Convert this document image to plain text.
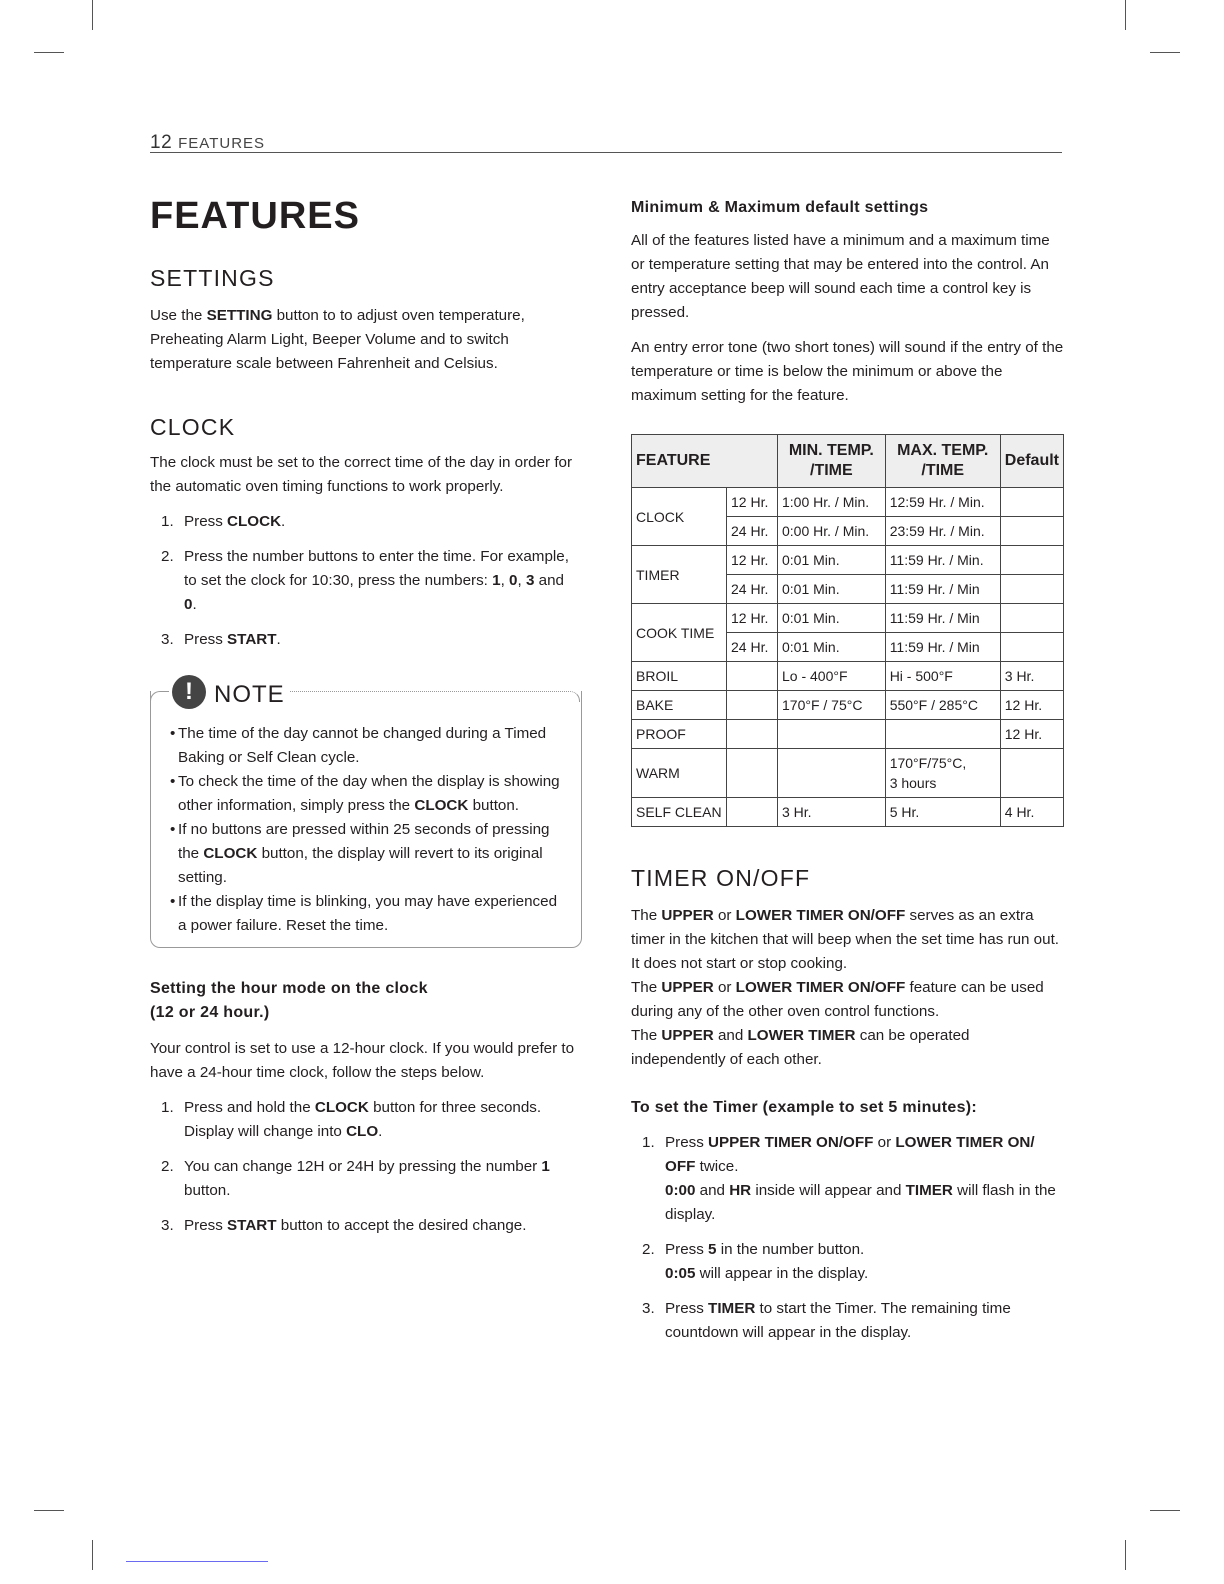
12 FEATURES
FEATURES
SETTINGS

Use the SETTING button to to adjust oven temperature, Preheating Alarm Light, Beeper Volume and to switch temperature scale between Fahrenheit and Celsius.

CLOCK

The clock must be set to the correct time of the day in order for the automatic oven timing functions to work properly.

1. Press CLOCK.
2. Press the number buttons to enter the time. For example, to set the clock for 10:30, press the numbers: 1, 0, 3 and 0.
3. Press START.
! NOTE
• The time of the day cannot be changed during a Timed Baking or Self Clean cycle.
• To check the time of the day when the display is showing other information, simply press the CLOCK button.
• If no buttons are pressed within 25 seconds of pressing the CLOCK button, the display will revert to its original setting.
• If the display time is blinking, you may have experienced a power failure. Reset the time.
Setting the hour mode on the clock
(12 or 24 hour.)

Your control is set to use a 12-hour clock. If you would prefer to have a 24-hour time clock, follow the steps below.

1. Press and hold the CLOCK button for three seconds. Display will change into CLO.
2. You can change 12H or 24H by pressing the number 1 button.
3. Press START button to accept the desired change.
Minimum & Maximum default settings

All of the features listed have a minimum and a maximum time or temperature setting that may be entered into the control. An entry acceptance beep will sound each time a control key is pressed.

An entry error tone (two short tones) will sound if the entry of the temperature or time is below the minimum or above the maximum setting for the feature.

FEATURE		MIN. TEMP. /TIME	MAX. TEMP. /TIME	Default
CLOCK	12 Hr.	1:00 Hr. / Min.	12:59 Hr. / Min.	
	24 Hr.	0:00 Hr. / Min.	23:59 Hr. / Min.	
TIMER	12 Hr.	0:01 Min.	11:59 Hr. / Min.	
	24 Hr.	0:01 Min.	11:59 Hr. / Min	
COOK TIME	12 Hr.	0:01 Min.	11:59 Hr. / Min	
	24 Hr.	0:01 Min.	11:59 Hr. / Min	
BROIL		Lo - 400°F	Hi - 500°F	3 Hr.
BAKE		170°F / 75°C	550°F / 285°C	12 Hr.
PROOF				12 Hr.
WARM			170°F/75°C,
3 hours	
SELF CLEAN		3 Hr.	5 Hr.	4 Hr.
TIMER ON/OFF

The UPPER or LOWER TIMER ON/OFF serves as an extra timer in the kitchen that will beep when the set time has run out. It does not start or stop cooking.

The UPPER or LOWER TIMER ON/OFF feature can be used during any of the other oven control functions.

The UPPER and LOWER TIMER can be operated independently of each other.

To set the Timer (example to set 5 minutes):
1. Press UPPER TIMER ON/OFF or LOWER TIMER ON/ OFF twice.
0:00 and HR inside will appear and TIMER will flash in the display.
2. Press 5 in the number button.
0:05 will appear in the display.
3. Press TIMER to start the Timer. The remaining time countdown will appear in the display.
